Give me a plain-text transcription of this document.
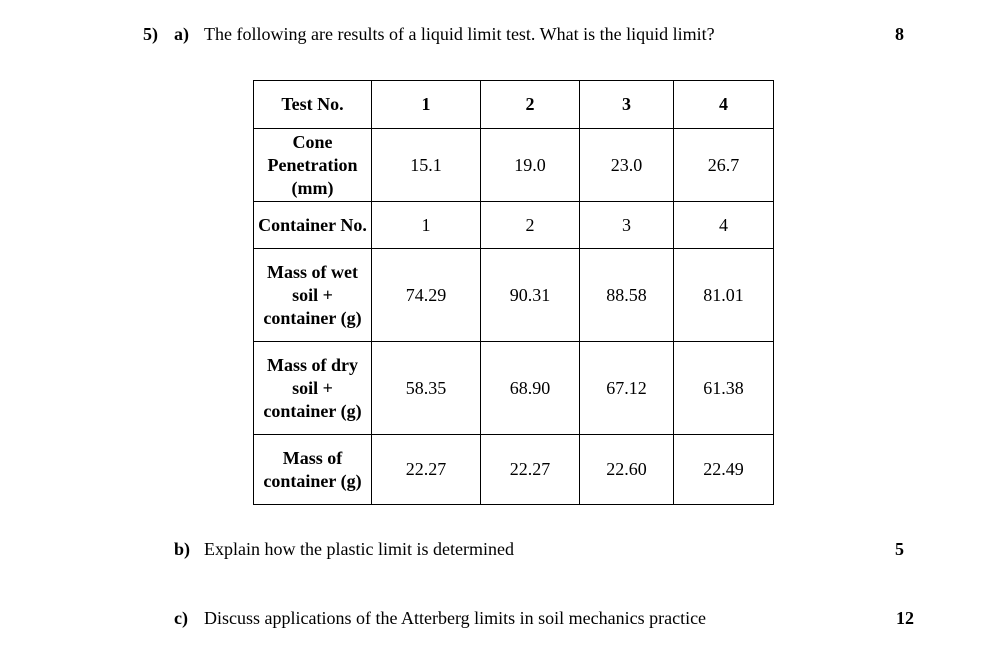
5) a) The following are results of a liquid limit test. What is the liquid limit?	8
Test No.	1	2	3	4
Cone Penetration (mm)	15.1	19.0	23.0	26.7
Container No.	1	2	3	4
Mass of wet soil + container (g)	74.29	90.31	88.58	81.01
Mass of dry soil + container (g)	58.35	68.90	67.12	61.38
Mass of container (g)	22.27	22.27	22.60	22.49
b) Explain how the plastic limit is determined	5
c) Discuss applications of the Atterberg limits in soil mechanics practice	12
